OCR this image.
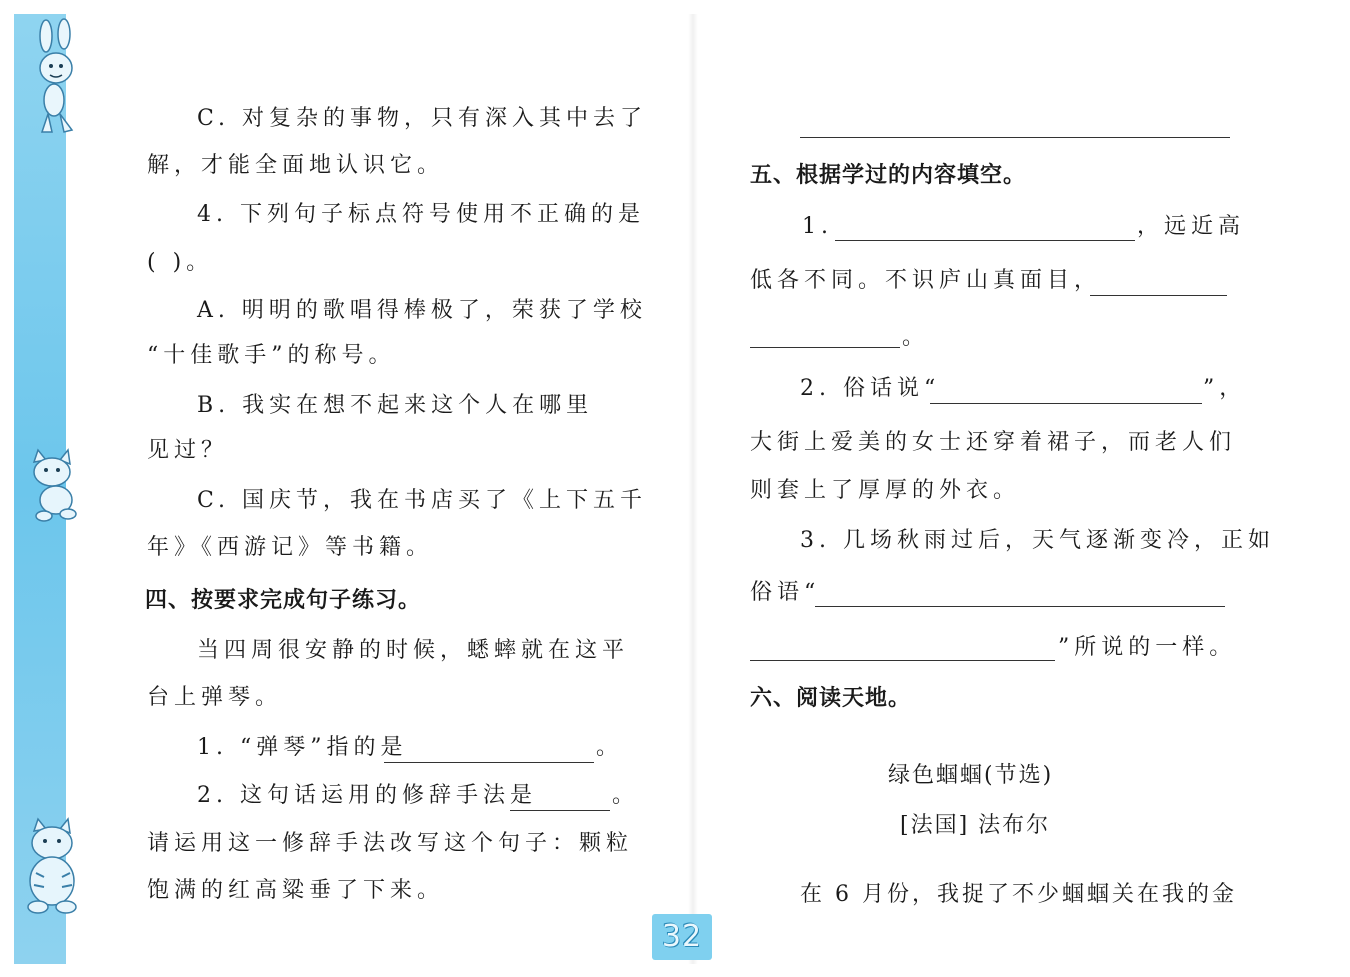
C. 对复杂的事物，只有深入其中去了
解，才能全面地认识它。
4. 下列句子标点符号使用不正确的是
( )。
A. 明明的歌唱得棒极了，荣获了学校
“十佳歌手”的称号。
B. 我实在想不起来这个人在哪里
见过？
C. 国庆节，我在书店买了《上下五千
年》《西游记》等书籍。
四、按要求完成句子练习。
当四周很安静的时候，蟋蟀就在这平
台上弹琴。
1. “弹琴”指的是	。
2. 这句话运用的修辞手法是	。
请运用这一修辞手法改写这个句子：颗粒
饱满的红高粱垂了下来。
五、根据学过的内容填空。
1.	，远近高
低各不同。不识庐山真面目，
。
2. 俗话说“	”，
大街上爱美的女士还穿着裙子，而老人们
则套上了厚厚的外衣。
3. 几场秋雨过后，天气逐渐变冷，正如
俗语“
”所说的一样。
六、阅读天地。
绿色蝈蝈(节选)
[法国] 法布尔
在 6 月份，我捉了不少蝈蝈关在我的金
32
